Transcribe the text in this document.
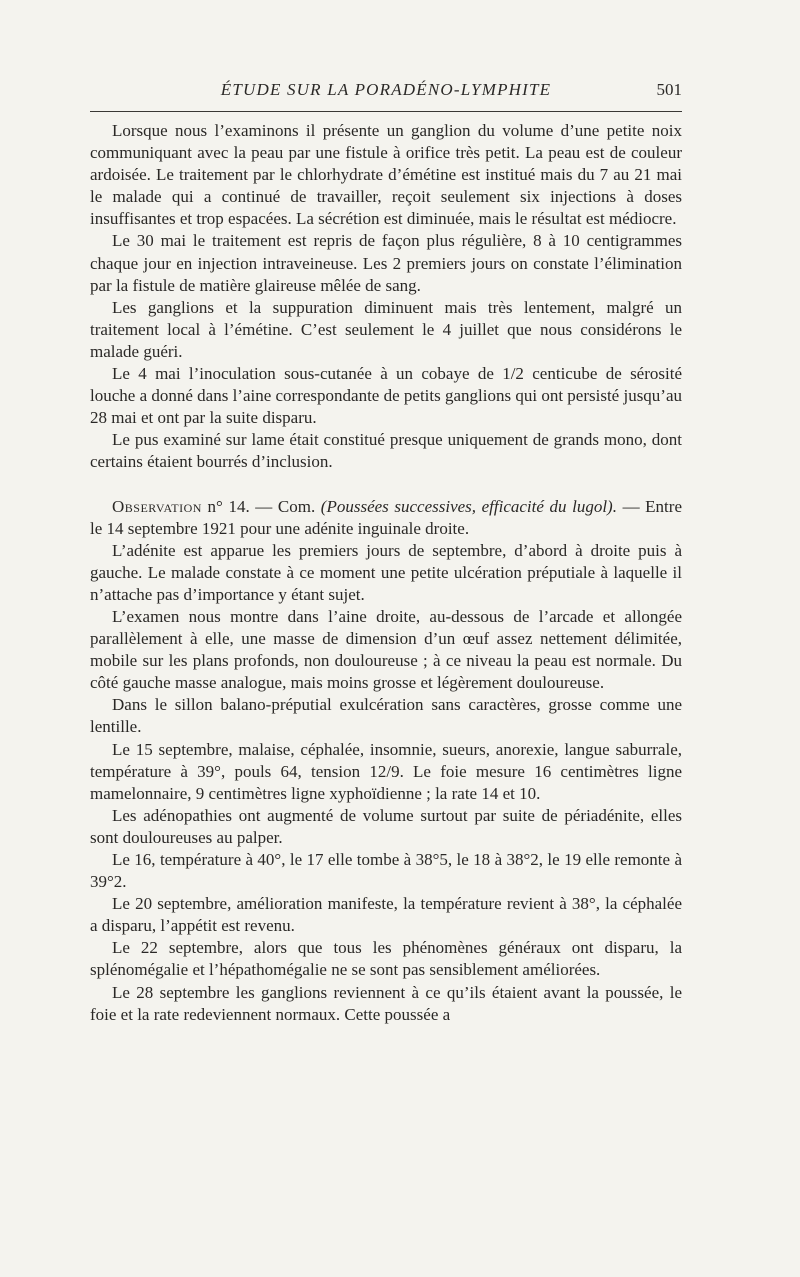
ÉTUDE SUR LA PORADÉNO-LYMPHITE	501

Lorsque nous l’examinons il présente un ganglion du volume d’une petite noix communiquant avec la peau par une fistule à orifice très petit. La peau est de couleur ardoisée. Le traitement par le chlorhydrate d’émétine est institué mais du 7 au 21 mai le malade qui a continué de travailler, reçoit seulement six injections à doses insuffisantes et trop espacées. La sécrétion est diminuée, mais le résultat est médiocre.

Le 30 mai le traitement est repris de façon plus régulière, 8 à 10 centigrammes chaque jour en injection intraveineuse. Les 2 premiers jours on constate l’élimination par la fistule de matière glaireuse mêlée de sang.

Les ganglions et la suppuration diminuent mais très lentement, malgré un traitement local à l’émétine. C’est seulement le 4 juillet que nous considérons le malade guéri.

Le 4 mai l’inoculation sous-cutanée à un cobaye de 1/2 centicube de sérosité louche a donné dans l’aine correspondante de petits ganglions qui ont persisté jusqu’au 28 mai et ont par la suite disparu.

Le pus examiné sur lame était constitué presque uniquement de grands mono, dont certains étaient bourrés d’inclusion.

Observation n° 14. — Com. (Poussées successives, efficacité du lugol). — Entre le 14 septembre 1921 pour une adénite inguinale droite.

L’adénite est apparue les premiers jours de septembre, d’abord à droite puis à gauche. Le malade constate à ce moment une petite ulcération préputiale à laquelle il n’attache pas d’importance y étant sujet.

L’examen nous montre dans l’aine droite, au-dessous de l’arcade et allongée parallèlement à elle, une masse de dimension d’un œuf assez nettement délimitée, mobile sur les plans profonds, non douloureuse ; à ce niveau la peau est normale. Du côté gauche masse analogue, mais moins grosse et légèrement douloureuse.

Dans le sillon balano-préputial exulcération sans caractères, grosse comme une lentille.

Le 15 septembre, malaise, céphalée, insomnie, sueurs, anorexie, langue saburrale, température à 39°, pouls 64, tension 12/9. Le foie mesure 16 centimètres ligne mamelonnaire, 9 centimètres ligne xyphoïdienne ; la rate 14 et 10.

Les adénopathies ont augmenté de volume surtout par suite de périadénite, elles sont douloureuses au palper.

Le 16, température à 40°, le 17 elle tombe à 38°5, le 18 à 38°2, le 19 elle remonte à 39°2.

Le 20 septembre, amélioration manifeste, la température revient à 38°, la céphalée a disparu, l’appétit est revenu.

Le 22 septembre, alors que tous les phénomènes généraux ont disparu, la splénomégalie et l’hépathomégalie ne se sont pas sensiblement améliorées.

Le 28 septembre les ganglions reviennent à ce qu’ils étaient avant la poussée, le foie et la rate redeviennent normaux. Cette poussée a
